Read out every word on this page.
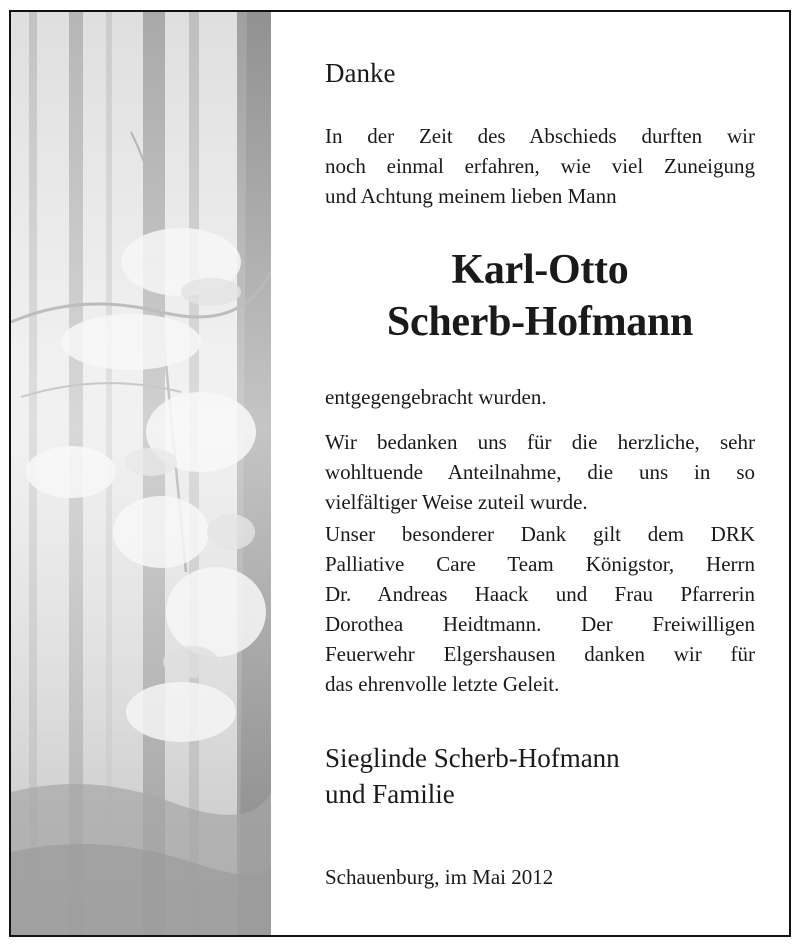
Danke
In der Zeit des Abschieds durften wir
noch einmal erfahren, wie viel Zuneigung
und Achtung meinem lieben Mann
Karl-Otto
Scherb-Hofmann
entgegengebracht wurden.
Wir bedanken uns für die herzliche, sehr
wohltuende Anteilnahme, die uns in so
vielfältiger Weise zuteil wurde.
Unser besonderer Dank gilt dem DRK
Palliative Care Team Königstor, Herrn
Dr. Andreas Haack und Frau Pfarrerin
Dorothea Heidtmann. Der Freiwilligen
Feuerwehr Elgershausen danken wir für
das ehrenvolle letzte Geleit.
Sieglinde Scherb-Hofmann
und Familie
Schauenburg, im Mai 2012
